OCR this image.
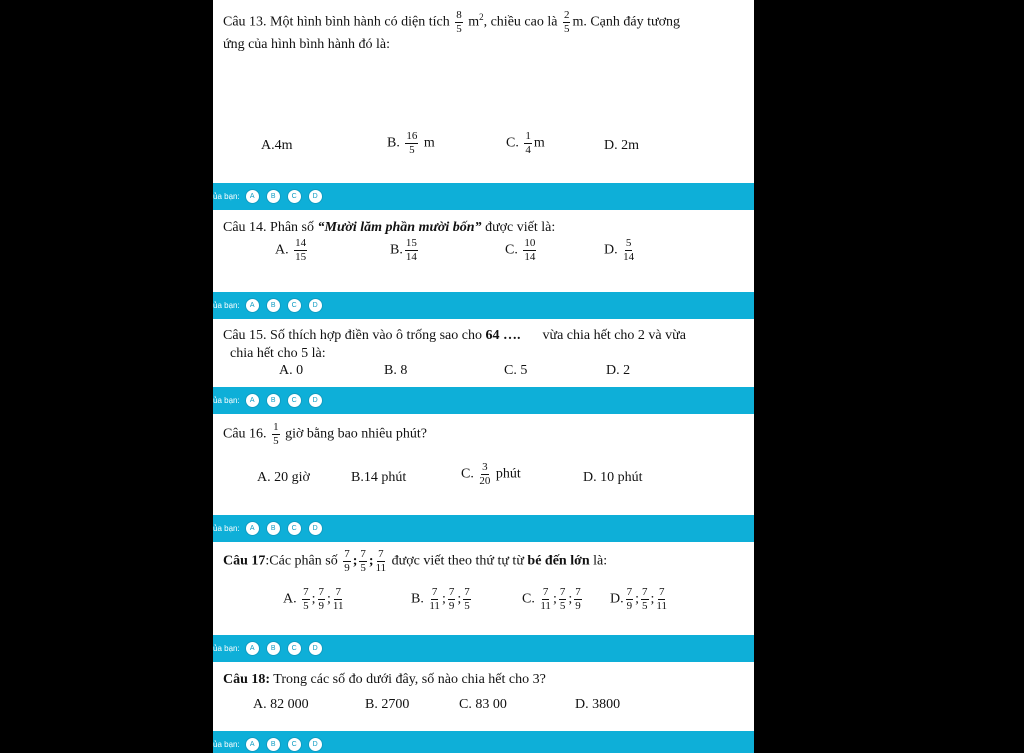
Câu 13. Một hình bình hành có diện tích $\frac{8}{5} m^2$, chiều cao là $\frac{2}{5} m$. Cạnh đáy tương
ứng của hình bình hành đó là:
A.4m	B. $\frac{16}{5}$ m	C. $\frac{1}{4}$ m	D. 2m
ủa bạn:	A	B	C	D
Câu 14. Phân số “Mười lăm phần mười bốn” được viết là:
A. $\frac{14}{15}$	B. $\frac{15}{14}$	C. $\frac{10}{14}$	D. $\frac{5}{14}$
ủa bạn:	A	B	C	D
Câu 15. Số thích hợp điền vào ô trống sao cho 64 …. vừa chia hết cho 2 và vừa
chia hết cho 5 là:
A. 0	B. 8	C. 5	D. 2
ủa bạn:	A	B	C	D
Câu 16. $\frac{1}{5}$ giờ bằng bao nhiêu phút?
A. 20 giờ	B.14 phút	C. $\frac{3}{20}$ phút	D. 10 phút
ủa bạn:	A	B	C	D
Câu 17:Các phân số $\frac{7}{9}$ ; $\frac{7}{5}$ ; $\frac{7}{11}$ được viết theo thứ tự từ bé đến lớn là:
A. $\frac{7}{5}$ ; $\frac{7}{9}$ ; $\frac{7}{11}$	B. $\frac{7}{11}$ ; $\frac{7}{9}$ ; $\frac{7}{5}$	C. $\frac{7}{11}$ ; $\frac{7}{5}$ ; $\frac{7}{9} D$. $\frac{7}{9}$ ; $\frac{7}{5}$ ; $\frac{7}{11}$
ủa bạn:	A	B	C	D
Câu 18: Trong các số đo dưới đây, số nào chia hết cho 3?
A. 82 000	B. 2700	C. 83 00	D. 3800
ủa bạn:	A	B	C	D
